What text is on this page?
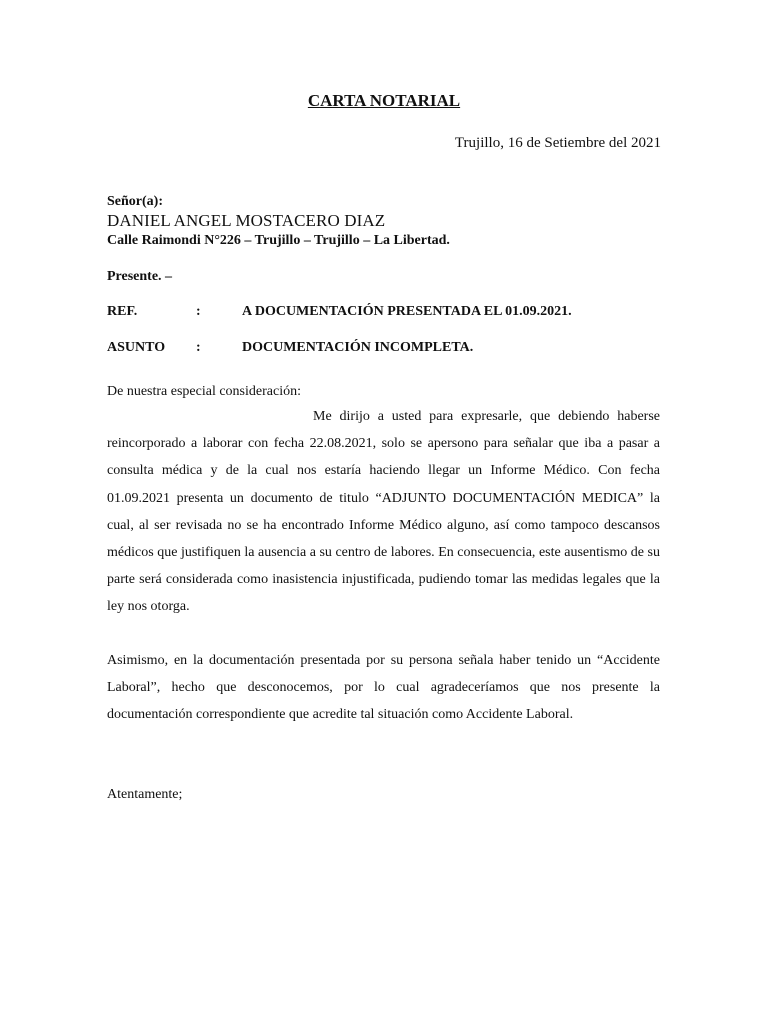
CARTA NOTARIAL
Trujillo, 16 de Setiembre del 2021
Señor(a):
DANIEL ANGEL MOSTACERO DIAZ
Calle Raimondi N°226 – Trujillo – Trujillo – La Libertad.
Presente. –
REF.	:	A DOCUMENTACIÓN PRESENTADA EL 01.09.2021.
ASUNTO :	DOCUMENTACIÓN INCOMPLETA.
De nuestra especial consideración:
Me dirijo a usted para expresarle, que debiendo haberse reincorporado a laborar con fecha 22.08.2021, solo se apersono para señalar que iba a pasar a consulta médica y de la cual nos estaría haciendo llegar un Informe Médico. Con fecha 01.09.2021 presenta un documento de titulo “ADJUNTO DOCUMENTACIÓN MEDICA” la cual, al ser revisada no se ha encontrado Informe Médico alguno, así como tampoco descansos médicos que justifiquen la ausencia a su centro de labores. En consecuencia, este ausentismo de su parte será considerada como inasistencia injustificada, pudiendo tomar las medidas legales que la ley nos otorga.
Asimismo, en la documentación presentada por su persona señala haber tenido un “Accidente Laboral”, hecho que desconocemos, por lo cual agradeceríamos que nos presente la documentación correspondiente que acredite tal situación como Accidente Laboral.
Atentamente;
